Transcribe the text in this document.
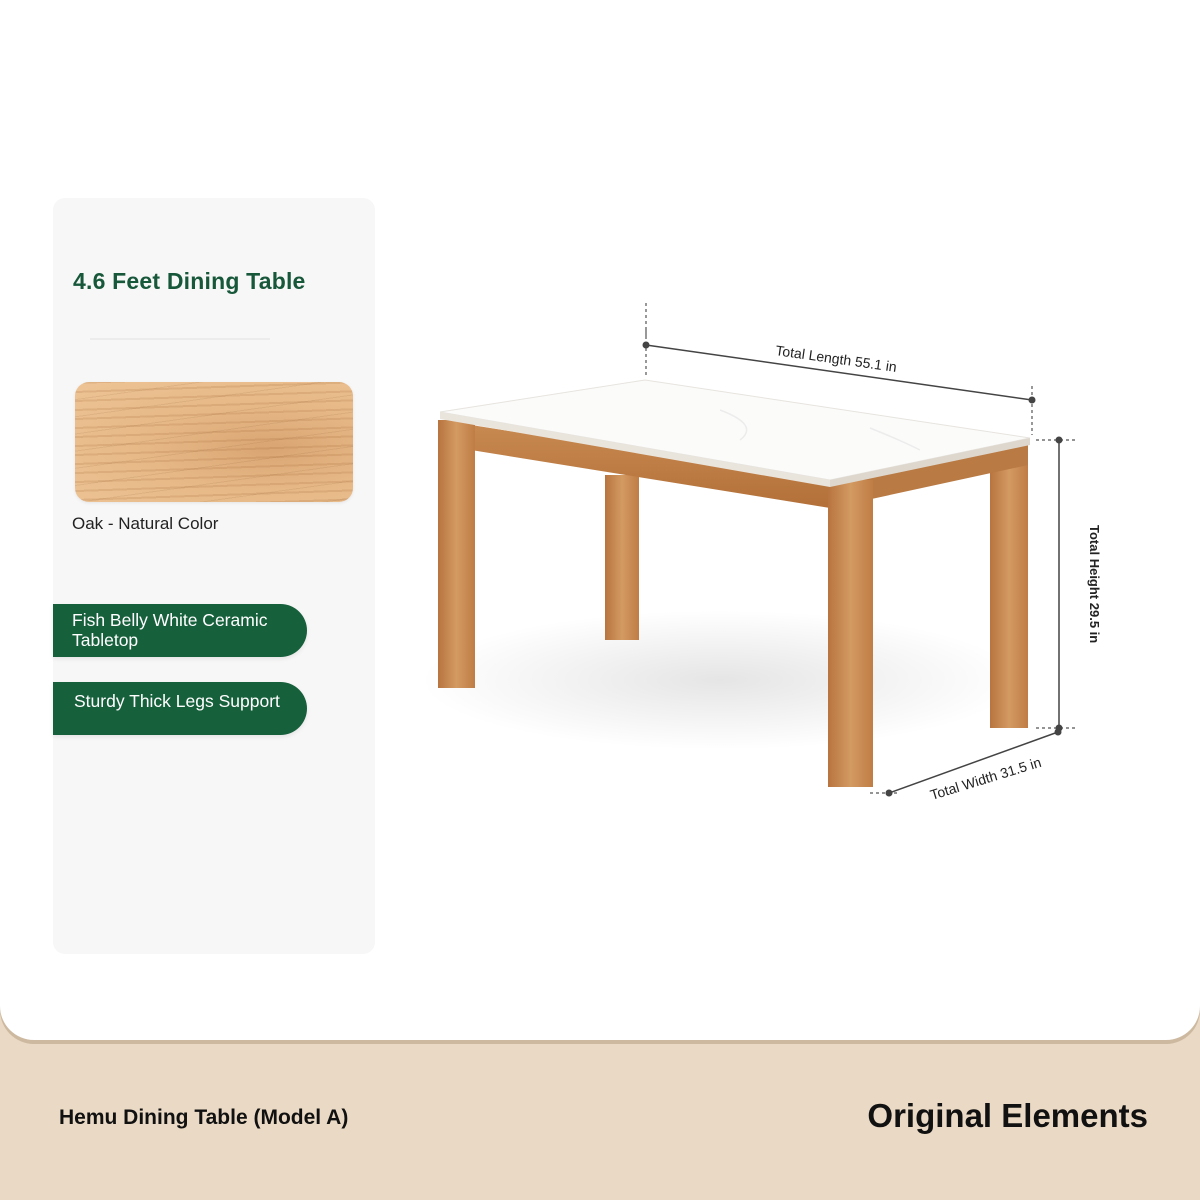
4.6 Feet Dining Table
Oak - Natural Color
Fish Belly White Ceramic Tabletop
Sturdy Thick Legs Support
Total Length 55.1 in
Total Height 29.5 in
Total Width 31.5 in
Hemu Dining Table (Model A)	Original Elements
